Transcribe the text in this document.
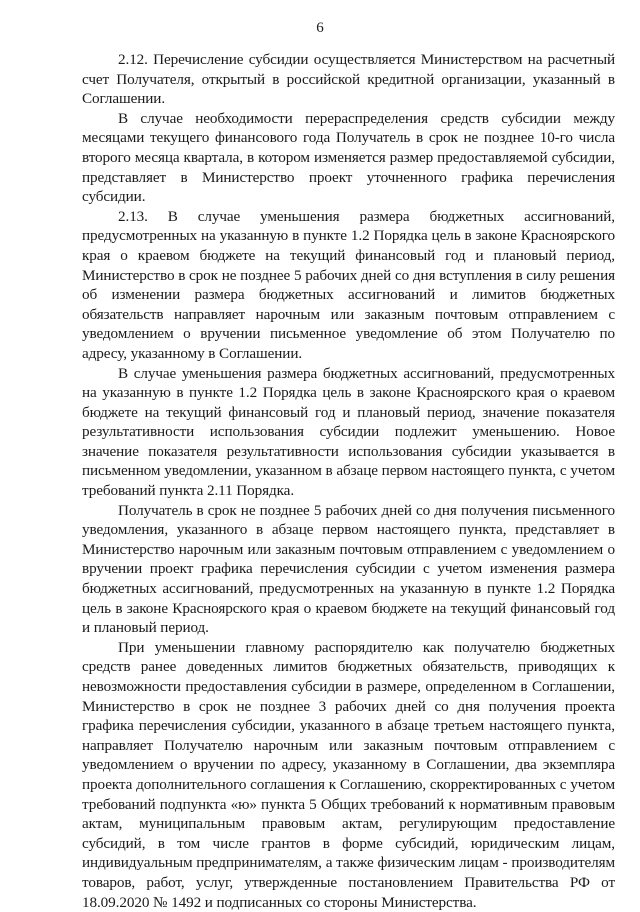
6

2.12. Перечисление субсидии осуществляется Министерством на расчетный счет Получателя, открытый в российской кредитной организации, указанный в Соглашении.

В случае необходимости перераспределения средств субсидии между месяцами текущего финансового года Получатель в срок не позднее 10-го числа второго месяца квартала, в котором изменяется размер предоставляемой субсидии, представляет в Министерство проект уточненного графика перечисления субсидии.

2.13. В случае уменьшения размера бюджетных ассигнований, предусмотренных на указанную в пункте 1.2 Порядка цель в законе Красноярского края о краевом бюджете на текущий финансовый год и плановый период, Министерство в срок не позднее 5 рабочих дней со дня вступления в силу решения об изменении размера бюджетных ассигнований и лимитов бюджетных обязательств направляет нарочным или заказным почтовым отправлением с уведомлением о вручении письменное уведомление об этом Получателю по адресу, указанному в Соглашении.

В случае уменьшения размера бюджетных ассигнований, предусмотренных на указанную в пункте 1.2 Порядка цель в законе Красноярского края о краевом бюджете на текущий финансовый год и плановый период, значение показателя результативности использования субсидии подлежит уменьшению. Новое значение показателя результативности использования субсидии указывается в письменном уведомлении, указанном в абзаце первом настоящего пункта, с учетом требований пункта 2.11 Порядка.

Получатель в срок не позднее 5 рабочих дней со дня получения письменного уведомления, указанного в абзаце первом настоящего пункта, представляет в Министерство нарочным или заказным почтовым отправлением с уведомлением о вручении проект графика перечисления субсидии с учетом изменения размера бюджетных ассигнований, предусмотренных на указанную в пункте 1.2 Порядка цель в законе Красноярского края о краевом бюджете на текущий финансовый год и плановый период.

При уменьшении главному распорядителю как получателю бюджетных средств ранее доведенных лимитов бюджетных обязательств, приводящих к невозможности предоставления субсидии в размере, определенном в Соглашении, Министерство в срок не позднее 3 рабочих дней со дня получения проекта графика перечисления субсидии, указанного в абзаце третьем настоящего пункта, направляет Получателю нарочным или заказным почтовым отправлением с уведомлением о вручении по адресу, указанному в Соглашении, два экземпляра проекта дополнительного соглашения к Соглашению, скорректированных с учетом требований подпункта «ю» пункта 5 Общих требований к нормативным правовым актам, муниципальным правовым актам, регулирующим предоставление субсидий, в том числе грантов в форме субсидий, юридическим лицам, индивидуальным предпринимателям, а также физическим лицам - производителям товаров, работ, услуг, утвержденные постановлением Правительства РФ от 18.09.2020 № 1492 и подписанных со стороны Министерства.
